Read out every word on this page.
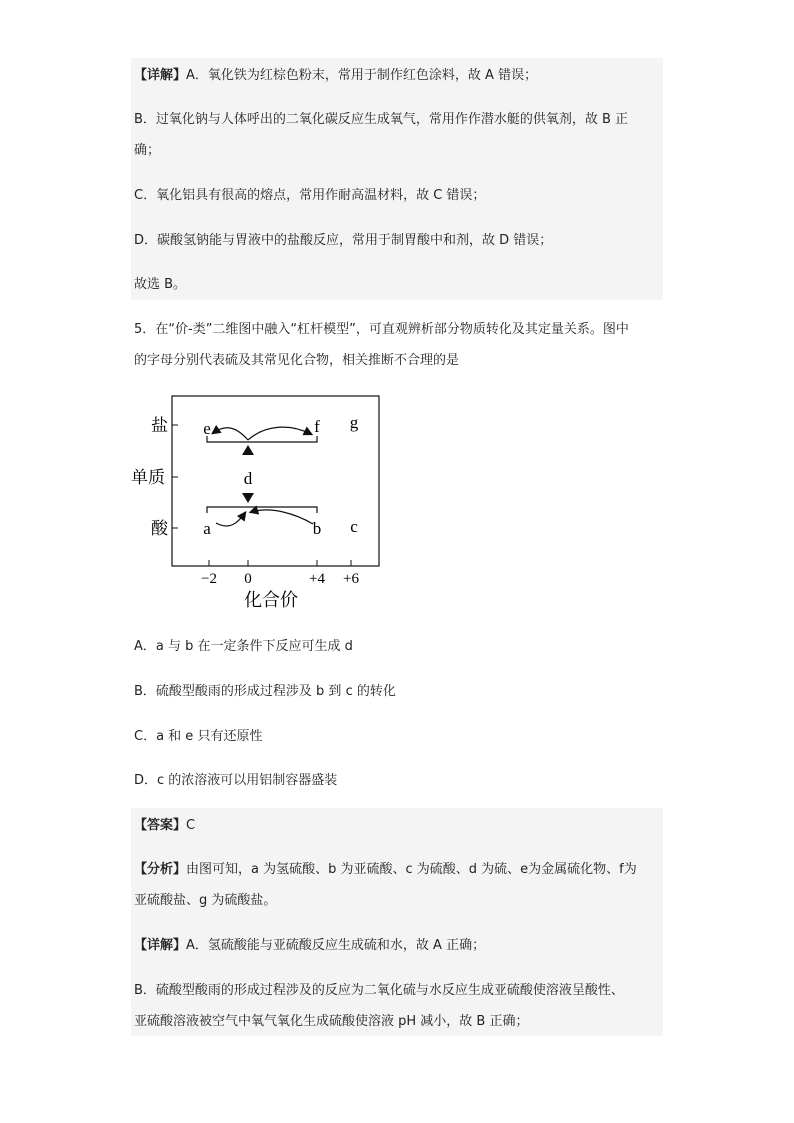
【详解】A．氧化铁为红棕色粉末，常用于制作红色涂料，故 A 错误；
B．过氧化钠与人体呼出的二氧化碳反应生成氧气，常用作作潜水艇的供氧剂，故 B 正
确；
C．氧化铝具有很高的熔点，常用作耐高温材料，故 C 错误；
D．碳酸氢钠能与胃液中的盐酸反应，常用于制胃酸中和剂，故 D 错误；
故选 B。
5．在“价-类”二维图中融入“杠杆模型”，可直观辨析部分物质转化及其定量关系。图中
的字母分别代表硫及其常见化合物，相关推断不合理的是
盐
单质
酸
−2 0	+4 +6
化合价
e	f g
d
a	b c
A．a 与 b 在一定条件下反应可生成 d
B．硫酸型酸雨的形成过程涉及 b 到 c 的转化
C．a 和 e 只有还原性
D．c 的浓溶液可以用铝制容器盛装
【答案】C
【分析】由图可知，a 为氢硫酸、b 为亚硫酸、c 为硫酸、d 为硫、e为金属硫化物、f为
亚硫酸盐、g 为硫酸盐。
【详解】A．氢硫酸能与亚硫酸反应生成硫和水，故 A 正确；
B．硫酸型酸雨的形成过程涉及的反应为二氧化硫与水反应生成亚硫酸使溶液呈酸性、
亚硫酸溶液被空气中氧气氧化生成硫酸使溶液 pH 减小，故 B 正确；
